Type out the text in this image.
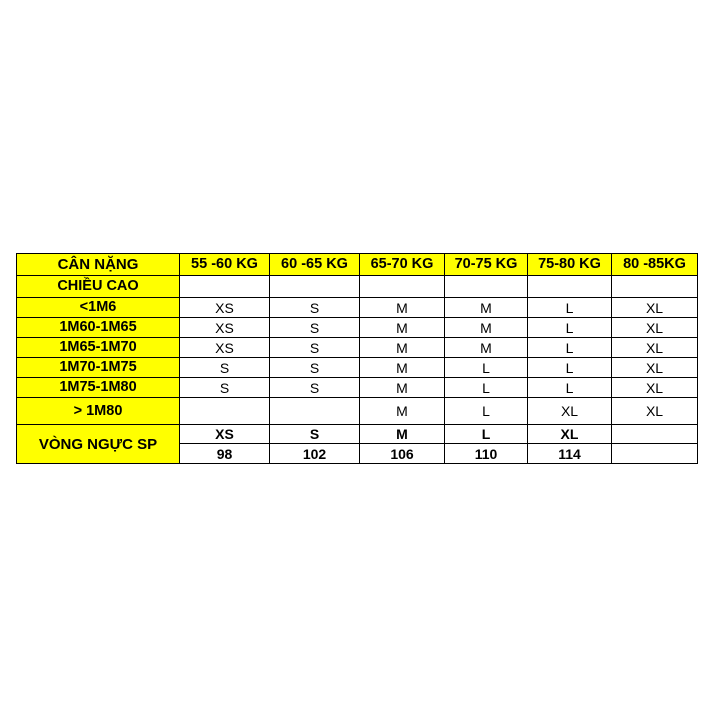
CÂN NẶNG	55 -60 KG	60 -65 KG	65-70 KG	70-75 KG	75-80 KG	80 -85KG
CHIỀU CAO						
<1M6	XS	S	M	M	L	XL
1M60-1M65	XS	S	M	M	L	XL
1M65-1M70	XS	S	M	M	L	XL
1M70-1M75	S	S	M	L	L	XL
1M75-1M80	S	S	M	L	L	XL
> 1M80			M	L	XL	XL
VÒNG NGỰC SP	XS	S	M	L	XL	
	98	102	106	110	114	
